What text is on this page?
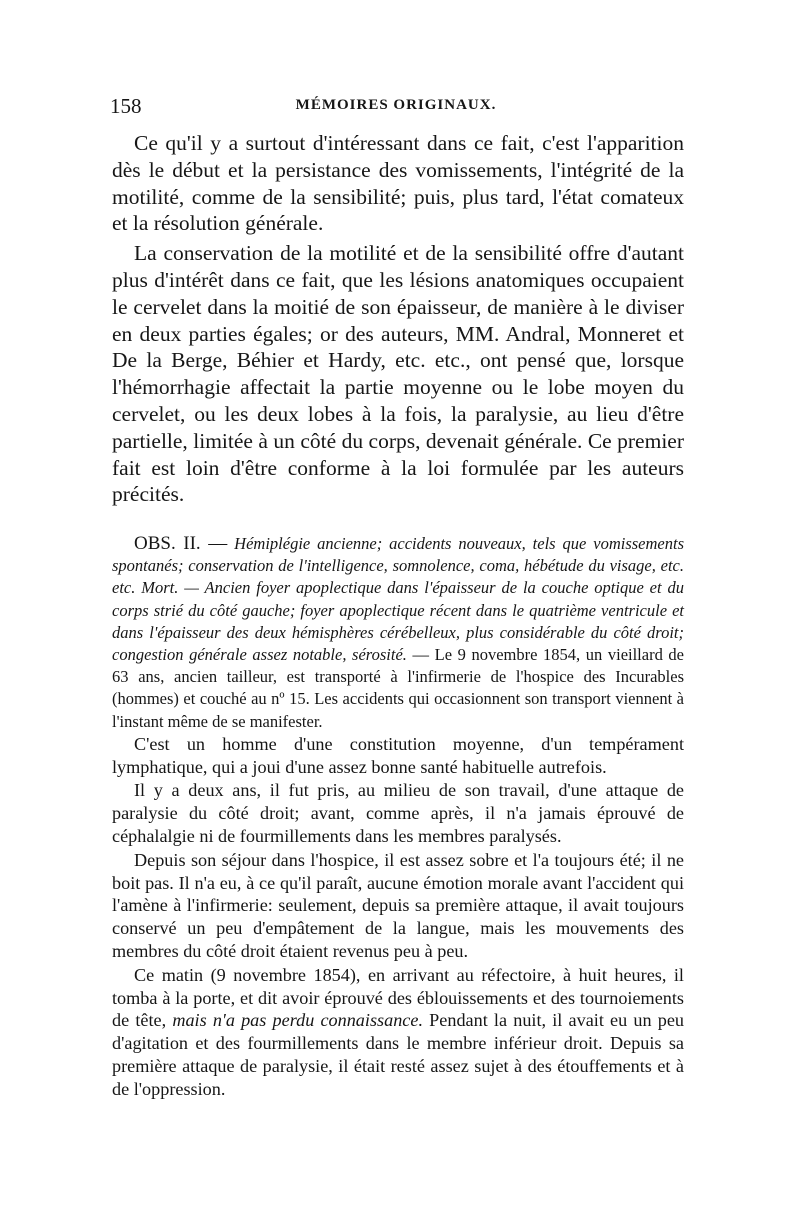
158	MÉMOIRES ORIGINAUX.

Ce qu'il y a surtout d'intéressant dans ce fait, c'est l'apparition dès le début et la persistance des vomissements, l'intégrité de la motilité, comme de la sensibilité; puis, plus tard, l'état comateux et la résolution générale.

La conservation de la motilité et de la sensibilité offre d'autant plus d'intérêt dans ce fait, que les lésions anatomiques occupaient le cervelet dans la moitié de son épaisseur, de manière à le diviser en deux parties égales; or des auteurs, MM. Andral, Monneret et De la Berge, Béhier et Hardy, etc. etc., ont pensé que, lorsque l'hémorrhagie affectait la partie moyenne ou le lobe moyen du cervelet, ou les deux lobes à la fois, la paralysie, au lieu d'être partielle, limitée à un côté du corps, devenait générale. Ce premier fait est loin d'être conforme à la loi formulée par les auteurs précités.

OBS. II. — Hémiplégie ancienne; accidents nouveaux, tels que vomissements spontanés; conservation de l'intelligence, somnolence, coma, hébétude du visage, etc. etc. Mort. — Ancien foyer apoplectique dans l'épaisseur de la couche optique et du corps strié du côté gauche; foyer apoplectique récent dans le quatrième ventricule et dans l'épaisseur des deux hémisphères cérébelleux, plus considérable du côté droit; congestion générale assez notable, sérosité. — Le 9 novembre 1854, un vieillard de 63 ans, ancien tailleur, est transporté à l'infirmerie de l'hospice des Incurables (hommes) et couché au nº 15. Les accidents qui occasionnent son transport viennent à l'instant même de se manifester.

C'est un homme d'une constitution moyenne, d'un tempérament lymphatique, qui a joui d'une assez bonne santé habituelle autrefois.

Il y a deux ans, il fut pris, au milieu de son travail, d'une attaque de paralysie du côté droit; avant, comme après, il n'a jamais éprouvé de céphalalgie ni de fourmillements dans les membres paralysés.

Depuis son séjour dans l'hospice, il est assez sobre et l'a toujours été; il ne boit pas. Il n'a eu, à ce qu'il paraît, aucune émotion morale avant l'accident qui l'amène à l'infirmerie: seulement, depuis sa première attaque, il avait toujours conservé un peu d'empâtement de la langue, mais les mouvements des membres du côté droit étaient revenus peu à peu.

Ce matin (9 novembre 1854), en arrivant au réfectoire, à huit heures, il tomba à la porte, et dit avoir éprouvé des éblouissements et des tournoiements de tête, mais n'a pas perdu connaissance. Pendant la nuit, il avait eu un peu d'agitation et des fourmillements dans le membre inférieur droit. Depuis sa première attaque de paralysie, il était resté assez sujet à des étouffements et à de l'oppression.
